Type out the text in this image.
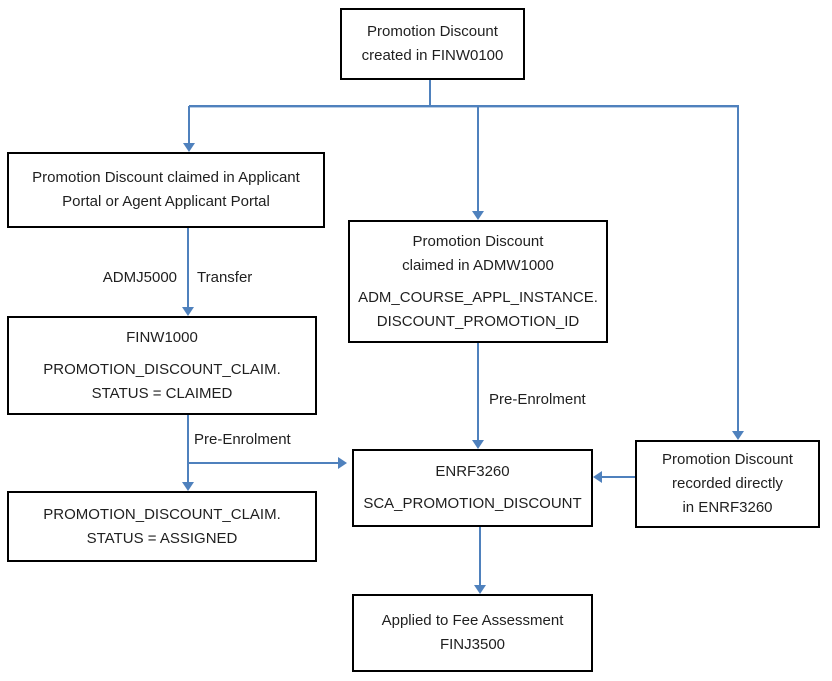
ADMJ5000 Transfer
Pre-Enrolment
Pre-Enrolment
Promotion Discount
created in FINW0100
Promotion Discount claimed in Applicant
Portal or Agent Applicant Portal
Promotion Discount
claimed in ADMW1000
ADM_COURSE_APPL_INSTANCE.
DISCOUNT_PROMOTION_ID
FINW1000
PROMOTION_DISCOUNT_CLAIM.
STATUS = CLAIMED
PROMOTION_DISCOUNT_CLAIM.
STATUS = ASSIGNED
ENRF3260
SCA_PROMOTION_DISCOUNT
Promotion Discount
recorded directly
in ENRF3260
Applied to Fee Assessment
FINJ3500
